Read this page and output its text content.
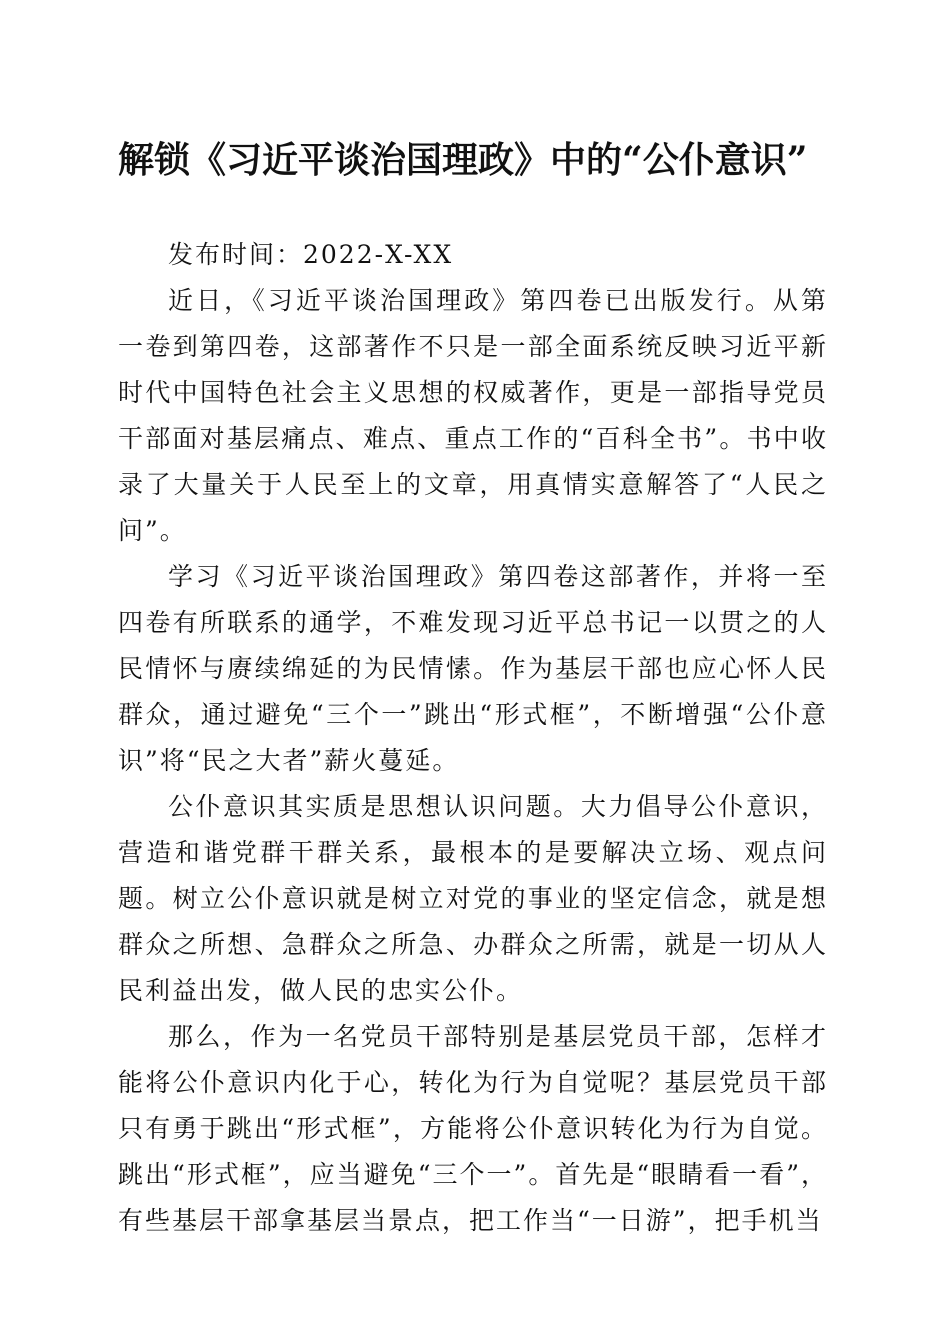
解锁《习近平谈治国理政》中的“公仆意识”

发布时间：2022-X-XX

近日，《习近平谈治国理政》第四卷已出版发行。从第一卷到第四卷，这部著作不只是一部全面系统反映习近平新时代中国特色社会主义思想的权威著作，更是一部指导党员干部面对基层痛点、难点、重点工作的“百科全书”。书中收录了大量关于人民至上的文章，用真情实意解答了“人民之问”。

学习《习近平谈治国理政》第四卷这部著作，并将一至四卷有所联系的通学，不难发现习近平总书记一以贯之的人民情怀与赓续绵延的为民情愫。作为基层干部也应心怀人民群众，通过避免“三个一”跳出“形式框”，不断增强“公仆意识”将“民之大者”薪火蔓延。

公仆意识其实质是思想认识问题。大力倡导公仆意识，营造和谐党群干群关系，最根本的是要解决立场、观点问题。树立公仆意识就是树立对党的事业的坚定信念，就是想群众之所想、急群众之所急、办群众之所需，就是一切从人民利益出发，做人民的忠实公仆。

那么，作为一名党员干部特别是基层党员干部，怎样才能将公仆意识内化于心，转化为行为自觉呢？基层党员干部只有勇于跳出“形式框”，方能将公仆意识转化为行为自觉。跳出“形式框”，应当避免“三个一”。首先是“眼睛看一看”，有些基层干部拿基层当景点，把工作当“一日游”，把手机当
